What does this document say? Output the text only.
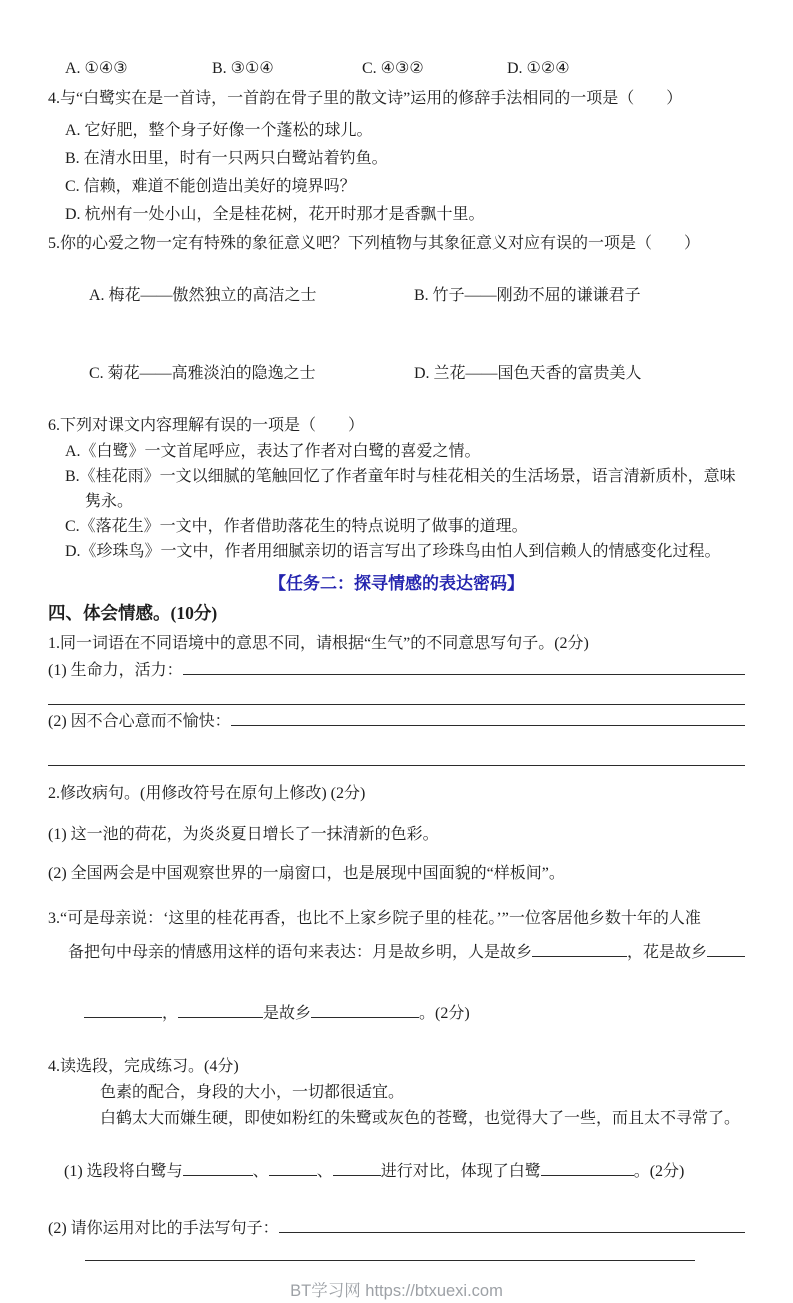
A. ①④③	B. ③①④	C. ④③②	D. ①②④
4.与“白鹭实在是一首诗，一首韵在骨子里的散文诗”运用的修辞手法相同的一项是（　　）
A. 它好肥，整个身子好像一个蓬松的球儿。
B. 在清水田里，时有一只两只白鹭站着钓鱼。
C. 信赖，难道不能创造出美好的境界吗？
D. 杭州有一处小山，全是桂花树，花开时那才是香飘十里。
5.你的心爱之物一定有特殊的象征意义吧？下列植物与其象征意义对应有误的一项是（　　）

A. 梅花——傲然独立的高洁之士	B. 竹子——刚劲不屈的谦谦君子

C. 菊花——高雅淡泊的隐逸之士	D. 兰花——国色天香的富贵美人

6.下列对课文内容理解有误的一项是（　　）
A.《白鹭》一文首尾呼应，表达了作者对白鹭的喜爱之情。
B.《桂花雨》一文以细腻的笔触回忆了作者童年时与桂花相关的生活场景，语言清新质朴，意味隽永。
C.《落花生》一文中，作者借助落花生的特点说明了做事的道理。
D.《珍珠鸟》一文中，作者用细腻亲切的语言写出了珍珠鸟由怕人到信赖人的情感变化过程。
【任务二：探寻情感的表达密码】
四、体会情感。(10分)
1.同一词语在不同语境中的意思不同，请根据“生气”的不同意思写句子。(2分)
(1) 生命力，活力：
(2) 因不合心意而不愉快：
2.修改病句。(用修改符号在原句上修改) (2分)
(1) 这一池的荷花，为炎炎夏日增长了一抹清新的色彩。
(2) 全国两会是中国观察世界的一扇窗口，也是展现中国面貌的“样板间”。
3.“可是母亲说：‘这里的桂花再香，也比不上家乡院子里的桂花。’”一位客居他乡数十年的人准
备把句中母亲的情感用这样的语句来表达：月是故乡明，人是故乡	，花是故乡

，	是故乡	。(2分)

4.读选段，完成练习。(4分)
色素的配合，身段的大小，一切都很适宜。
白鹤太大而嫌生硬，即使如粉红的朱鹭或灰色的苍鹭，也觉得大了一些，而且太不寻常了。

(1) 选段将白鹭与	、	、	进行对比，体现了白鹭	。(2分)

(2) 请你运用对比的手法写句子：
BT学习网 https://btxuexi.com
